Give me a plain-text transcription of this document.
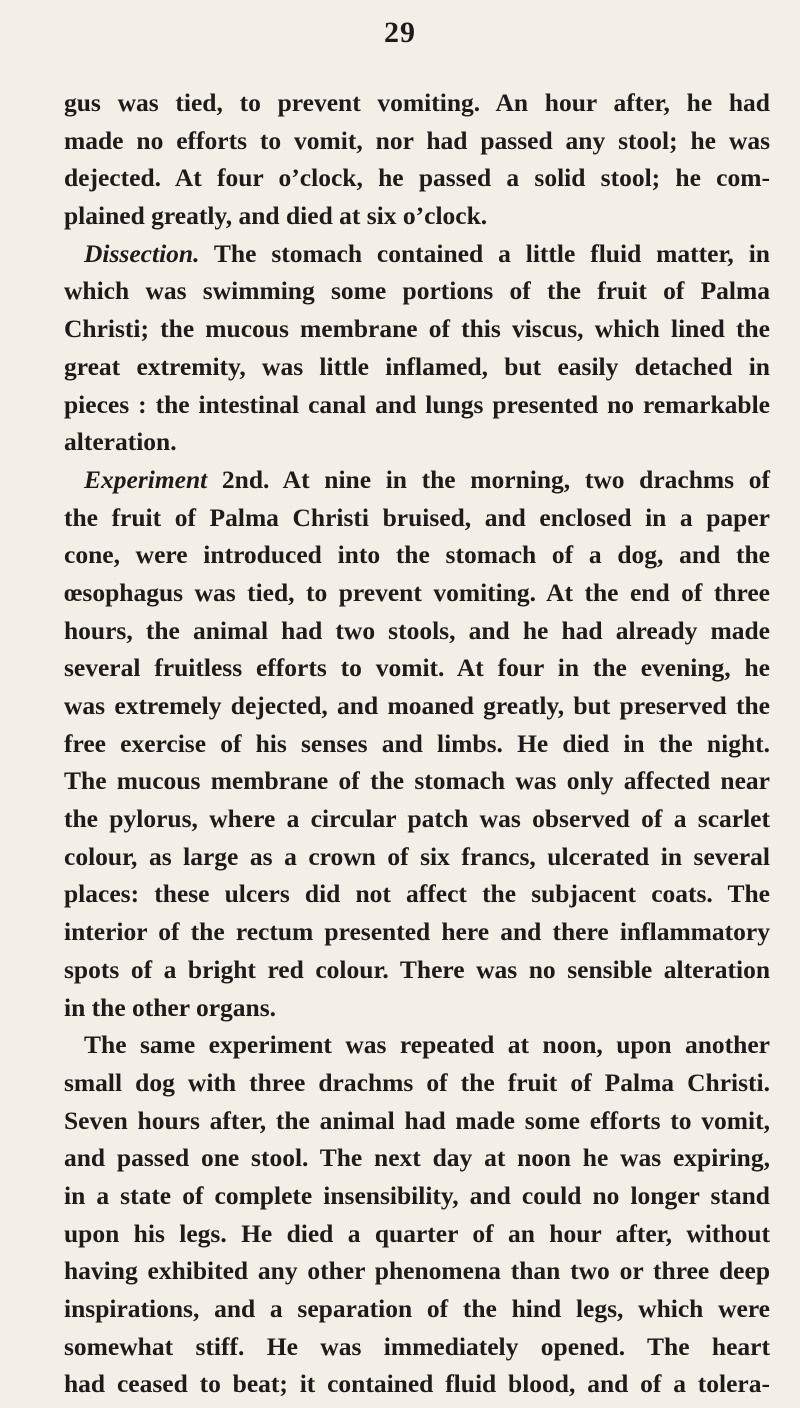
29
gus was tied, to prevent vomiting. An hour after, he had
made no efforts to vomit, nor had passed any stool; he was
dejected. At four o’clock, he passed a solid stool; he com-
plained greatly, and died at six o’clock.
Dissection. The stomach contained a little fluid matter, in
which was swimming some portions of the fruit of Palma
Christi; the mucous membrane of this viscus, which lined the
great extremity, was little inflamed, but easily detached in
pieces : the intestinal canal and lungs presented no remarkable
alteration.
Experiment 2nd. At nine in the morning, two drachms of
the fruit of Palma Christi bruised, and enclosed in a paper
cone, were introduced into the stomach of a dog, and the
œsophagus was tied, to prevent vomiting. At the end of three
hours, the animal had two stools, and he had already made
several fruitless efforts to vomit. At four in the evening, he
was extremely dejected, and moaned greatly, but preserved the
free exercise of his senses and limbs. He died in the night.
The mucous membrane of the stomach was only affected near
the pylorus, where a circular patch was observed of a scarlet
colour, as large as a crown of six francs, ulcerated in several
places: these ulcers did not affect the subjacent coats. The
interior of the rectum presented here and there inflammatory
spots of a bright red colour. There was no sensible alteration
in the other organs.
The same experiment was repeated at noon, upon another
small dog with three drachms of the fruit of Palma Christi.
Seven hours after, the animal had made some efforts to vomit,
and passed one stool. The next day at noon he was expiring,
in a state of complete insensibility, and could no longer stand
upon his legs. He died a quarter of an hour after, without
having exhibited any other phenomena than two or three deep
inspirations, and a separation of the hind legs, which were
somewhat stiff. He was immediately opened. The heart
had ceased to beat; it contained fluid blood, and of a tolera-
